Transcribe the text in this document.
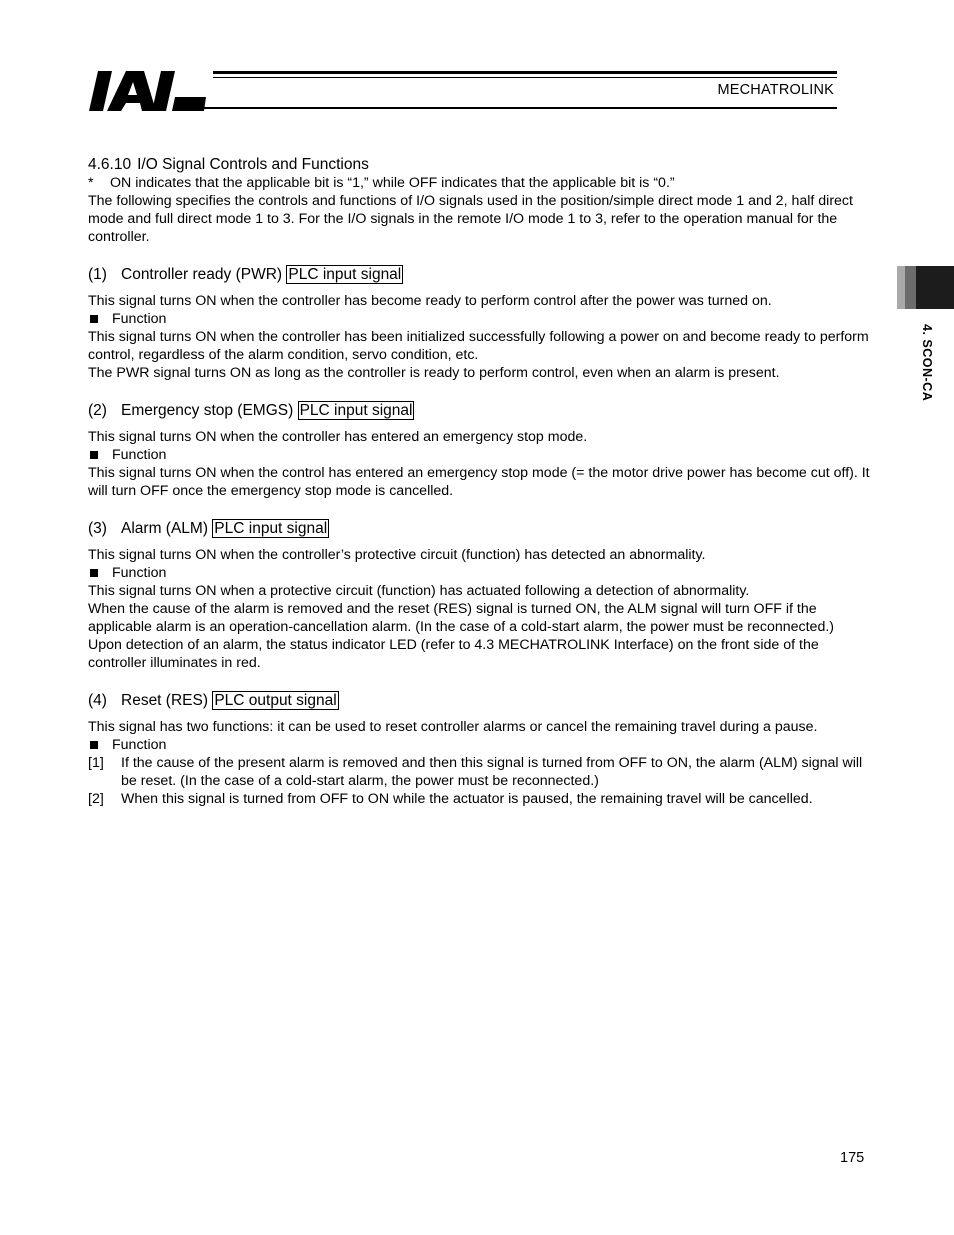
MECHATROLINK
4. SCON-CA

4.6.10 I/O Signal Controls and Functions

*	ON indicates that the applicable bit is “1,” while OFF indicates that the applicable bit is “0.”

The following specifies the controls and functions of I/O signals used in the position/simple direct mode 1 and 2, half direct mode and full direct mode 1 to 3. For the I/O signals in the remote I/O mode 1 to 3, refer to the operation manual for the controller.

(1) Controller ready (PWR) PLC input signal

This signal turns ON when the controller has become ready to perform control after the power was turned on.

Function

This signal turns ON when the controller has been initialized successfully following a power on and become ready to perform control, regardless of the alarm condition, servo condition, etc.

The PWR signal turns ON as long as the controller is ready to perform control, even when an alarm is present.

(2) Emergency stop (EMGS) PLC input signal

This signal turns ON when the controller has entered an emergency stop mode.

Function

This signal turns ON when the control has entered an emergency stop mode (= the motor drive power has become cut off). It will turn OFF once the emergency stop mode is cancelled.

(3) Alarm (ALM) PLC input signal

This signal turns ON when the controller’s protective circuit (function) has detected an abnormality.

Function

This signal turns ON when a protective circuit (function) has actuated following a detection of abnormality.

When the cause of the alarm is removed and the reset (RES) signal is turned ON, the ALM signal will turn OFF if the applicable alarm is an operation-cancellation alarm. (In the case of a cold-start alarm, the power must be reconnected.)

Upon detection of an alarm, the status indicator LED (refer to 4.3 MECHATROLINK Interface) on the front side of the controller illuminates in red.

(4) Reset (RES) PLC output signal

This signal has two functions: it can be used to reset controller alarms or cancel the remaining travel during a pause.

Function
[1]	If the cause of the present alarm is removed and then this signal is turned from OFF to ON, the alarm (ALM) signal will be reset. (In the case of a cold-start alarm, the power must be reconnected.)
[2]	When this signal is turned from OFF to ON while the actuator is paused, the remaining travel will be cancelled.
175
